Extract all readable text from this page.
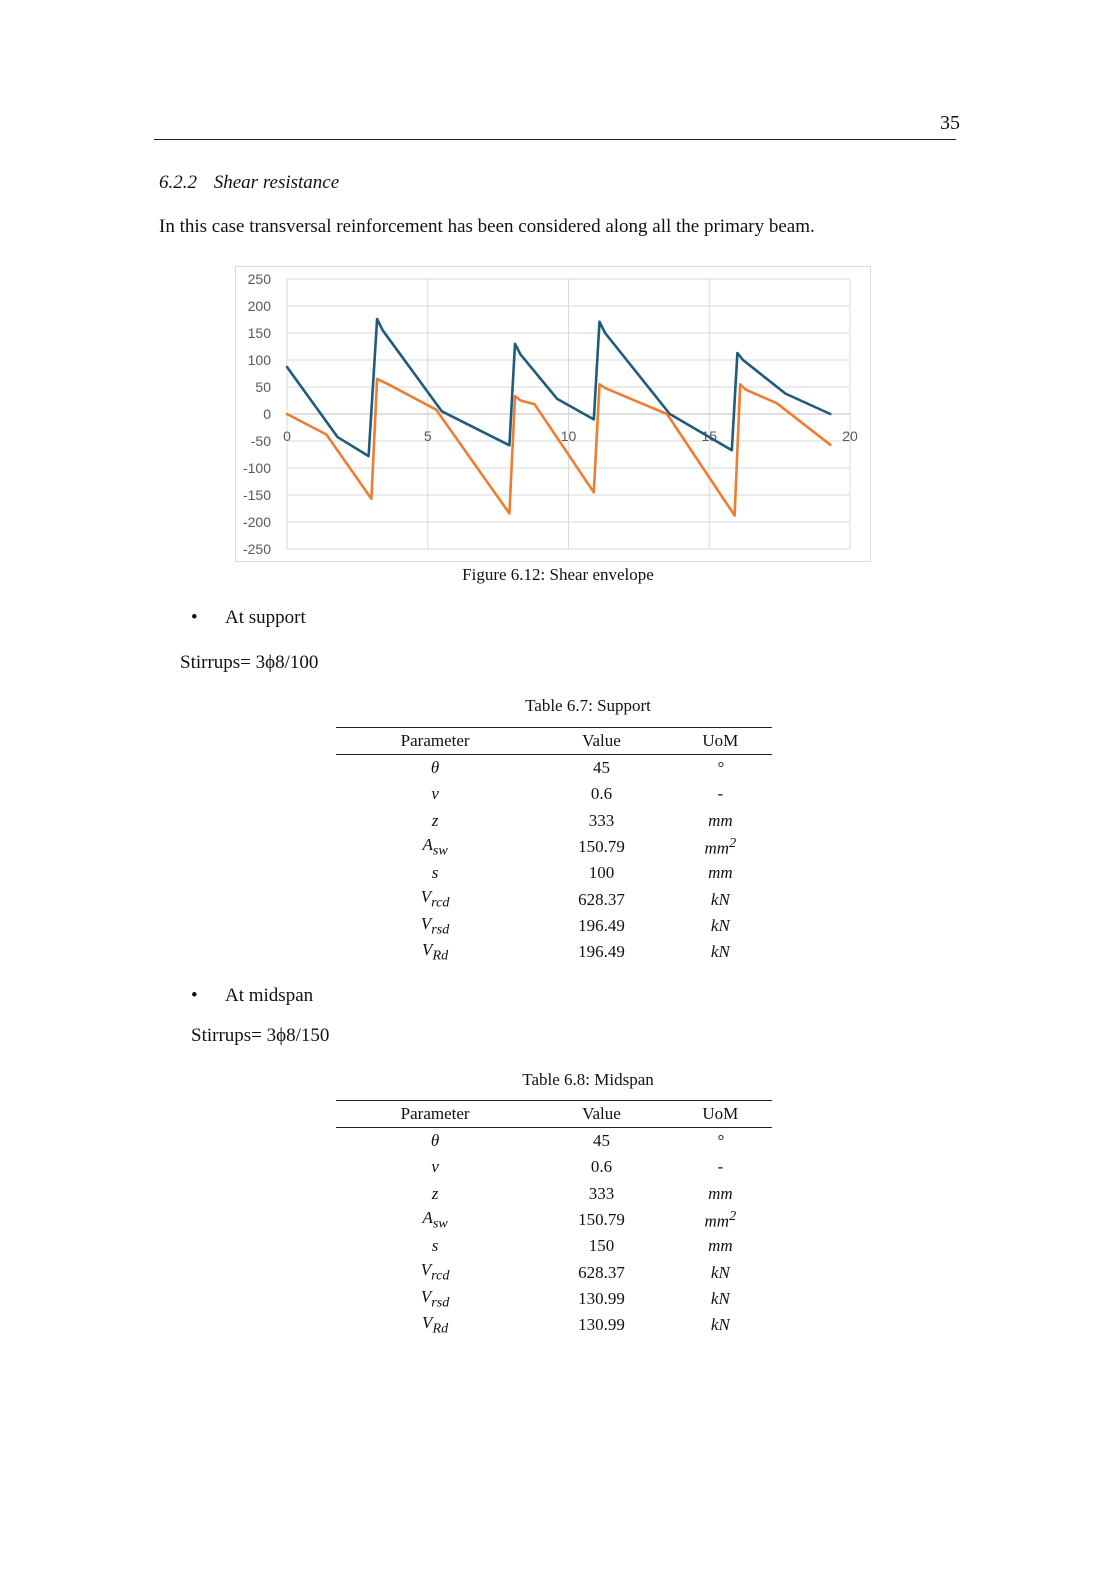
35
6.2.2 Shear resistance
In this case transversal reinforcement has been considered along all the primary beam.
250
200
150
100
50
0
-50
-100
-150
-200
-250
0	5	10	15	20
Figure 6.12: Shear envelope
• At support
Stirrups= 3ϕ8/100
Table 6.7: Support
Parameter	Value	UoM
θ	45	°
v	0.6	-
z	333	mm
$A_{sw}$	150.79	$mm^2$
s	100	mm
$V_{rcd}$	628.37	kN
$V_{rsd}$	196.49	kN
$V_{Rd}$	196.49	kN
• At midspan
Stirrups= 3ϕ8/150
Table 6.8: Midspan
Parameter	Value	UoM
θ	45	°
v	0.6	-
z	333	mm
$A_{sw}$	150.79	$mm^2$
s	150	mm
$V_{rcd}$	628.37	kN
$V_{rsd}$	130.99	kN
$V_{Rd}$	130.99	kN
